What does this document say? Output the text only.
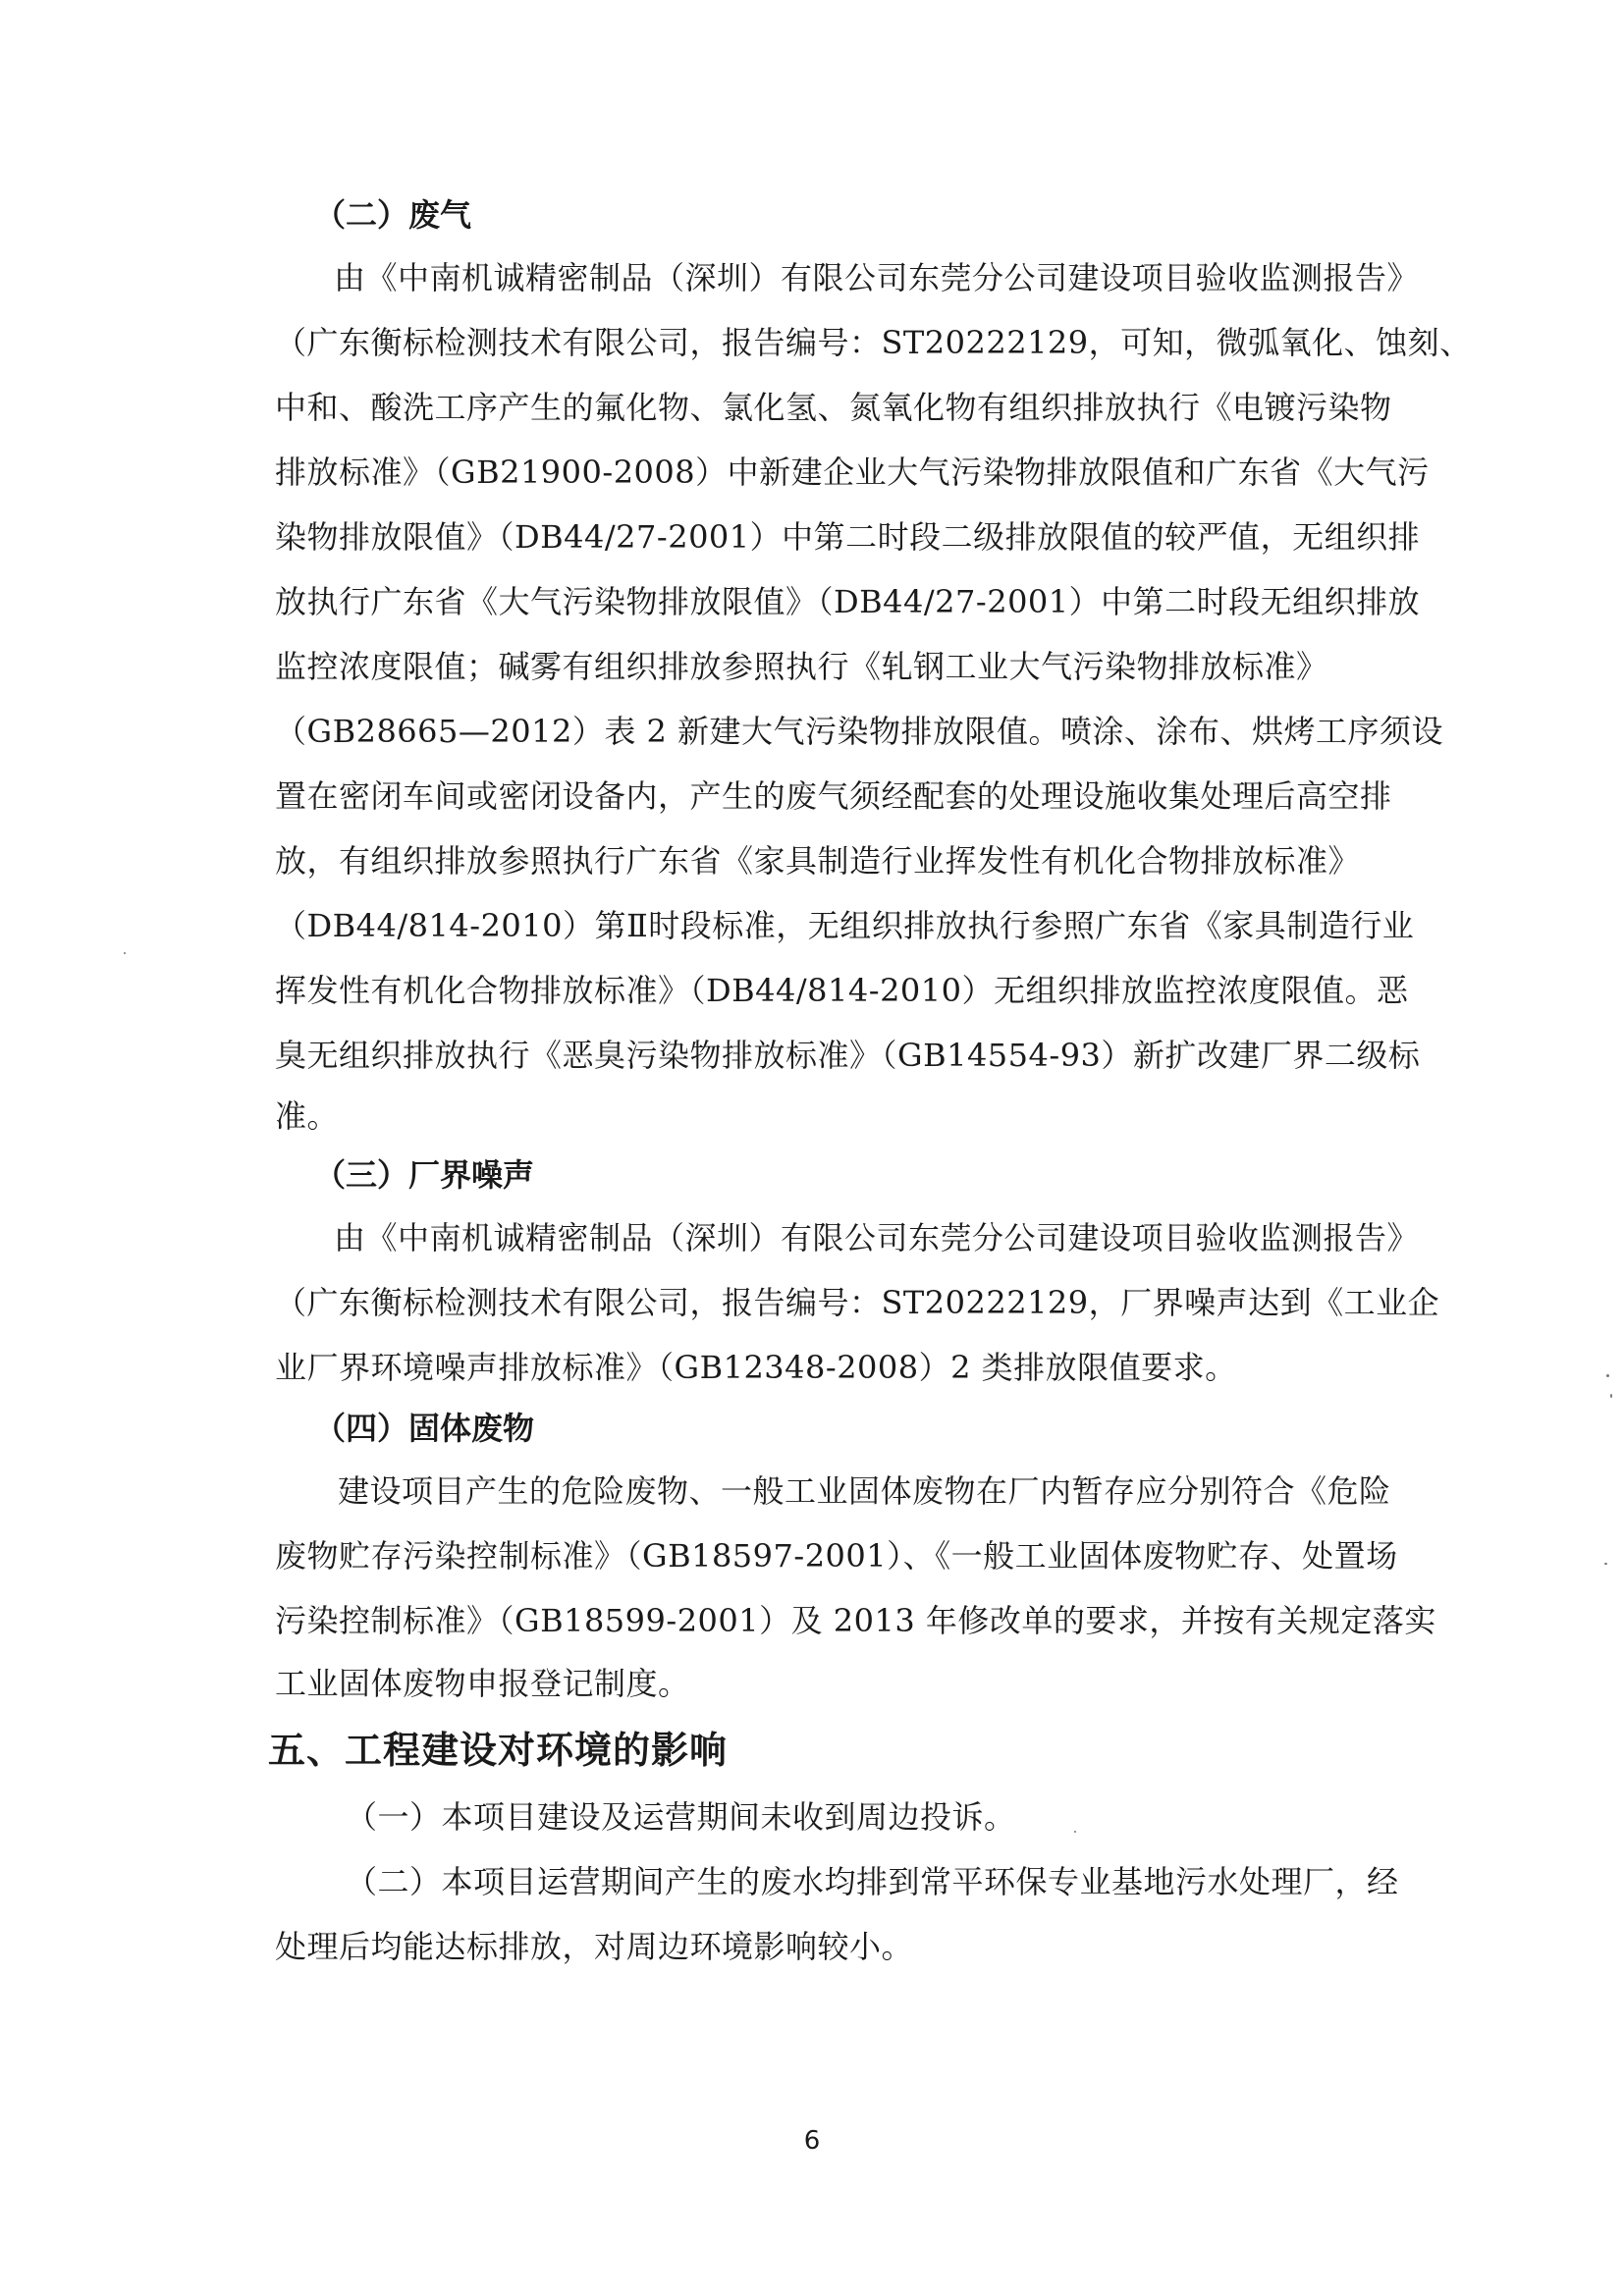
（二）废气
由《中南机诚精密制品（深圳）有限公司东莞分公司建设项目验收监测报告》
（广东衡标检测技术有限公司，报告编号：ST20222129，可知，微弧氧化、蚀刻、
中和、酸洗工序产生的氟化物、氯化氢、氮氧化物有组织排放执行《电镀污染物
排放标准》（GB21900-2008）中新建企业大气污染物排放限值和广东省《大气污
染物排放限值》（DB44/27-2001）中第二时段二级排放限值的较严值，无组织排
放执行广东省《大气污染物排放限值》（DB44/27-2001）中第二时段无组织排放
监控浓度限值；碱雾有组织排放参照执行《轧钢工业大气污染物排放标准》
（GB28665—2012）表 2 新建大气污染物排放限值。喷涂、涂布、烘烤工序须设
置在密闭车间或密闭设备内，产生的废气须经配套的处理设施收集处理后高空排
放，有组织排放参照执行广东省《家具制造行业挥发性有机化合物排放标准》
（DB44/814-2010）第Ⅱ时段标准，无组织排放执行参照广东省《家具制造行业
挥发性有机化合物排放标准》（DB44/814-2010）无组织排放监控浓度限值。恶
臭无组织排放执行《恶臭污染物排放标准》（GB14554-93）新扩改建厂界二级标
准。
（三）厂界噪声
由《中南机诚精密制品（深圳）有限公司东莞分公司建设项目验收监测报告》
（广东衡标检测技术有限公司，报告编号：ST20222129，厂界噪声达到《工业企
业厂界环境噪声排放标准》（GB12348-2008）2 类排放限值要求。
（四）固体废物
建设项目产生的危险废物、一般工业固体废物在厂内暂存应分别符合《危险
废物贮存污染控制标准》（GB18597-2001）、《一般工业固体废物贮存、处置场
污染控制标准》（GB18599-2001）及 2013 年修改单的要求，并按有关规定落实
工业固体废物申报登记制度。
五、工程建设对环境的影响
（一）本项目建设及运营期间未收到周边投诉。
（二）本项目运营期间产生的废水均排到常平环保专业基地污水处理厂，经
处理后均能达标排放，对周边环境影响较小。
6
